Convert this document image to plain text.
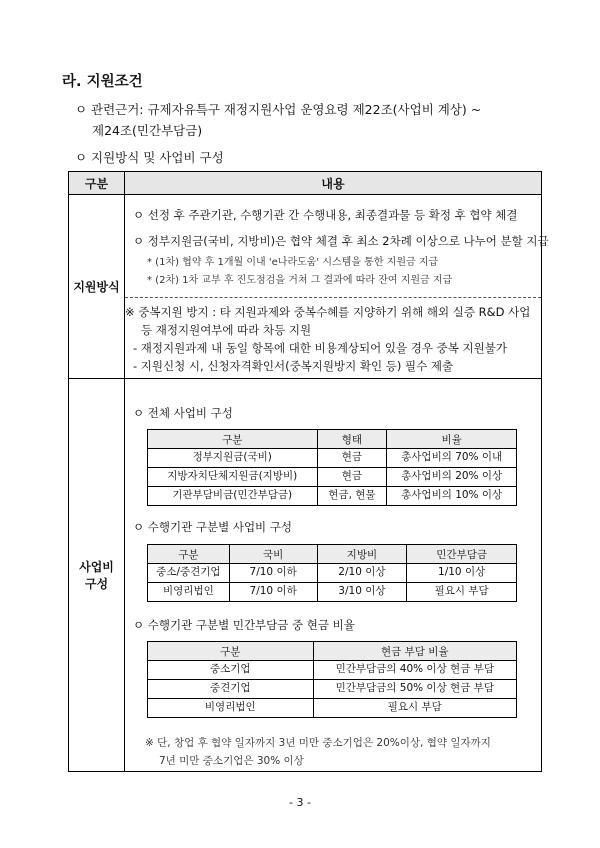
라. 지원조건
ㅇ 관련근거: 규제자유특구 재정지원사업 운영요령 제22조(사업비 계상) ~
제24조(민간부담금)
ㅇ 지원방식 및 사업비 구성
구분	내용
지원방식	
ㅇ 선정 후 주관기관, 수행기관 간 수행내용, 최종결과물 등 확정 후 협약 체결
ㅇ 정부지원금(국비, 지방비)은 협약 체결 후 최소 2차례 이상으로 나누어 분할 지급
* (1차) 협약 후 1개월 이내 'e나라도움' 시스템을 통한 지원금 지급
* (2차) 1차 교부 후 진도점검을 거쳐 그 결과에 따라 잔여 지원금 지급
※ 중복지원 방지 : 타 지원과제와 중복수혜를 지양하기 위해 해외 실증 R&D 사업
등 재정지원여부에 따라 차등 지원
- 재정지원과제 내 동일 항목에 대한 비용계상되어 있을 경우 중복 지원불가
- 지원신청 시, 신청자격확인서(중복지원방지 확인 등) 필수 제출

사업비
구성

ㅇ 전체 사업비 구성
구분	형태	비율
정부지원금(국비)	현금	총사업비의 70% 이내
지방자치단체지원금(지방비)	현금	총사업비의 20% 이상
기관부담비금(민간부담금)	현금, 현물	총사업비의 10% 이상
ㅇ 수행기관 구분별 사업비 구성
구분	국비	지방비	민간부담금
중소/중견기업	7/10 이하	2/10 이상	1/10 이상
비영리법인	7/10 이하	3/10 이상	필요시 부담
ㅇ 수행기관 구분별 민간부담금 중 현금 비율
구분	현금 부담 비율
중소기업	민간부담금의 40% 이상 현금 부담
중견기업	민간부담금의 50% 이상 현금 부담
비영리법인	필요시 부담
※ 단, 창업 후 협약 일자까지 3년 미만 중소기업은 20%이상, 협약 일자까지
7년 미만 중소기업은 30% 이상
- 3 -
